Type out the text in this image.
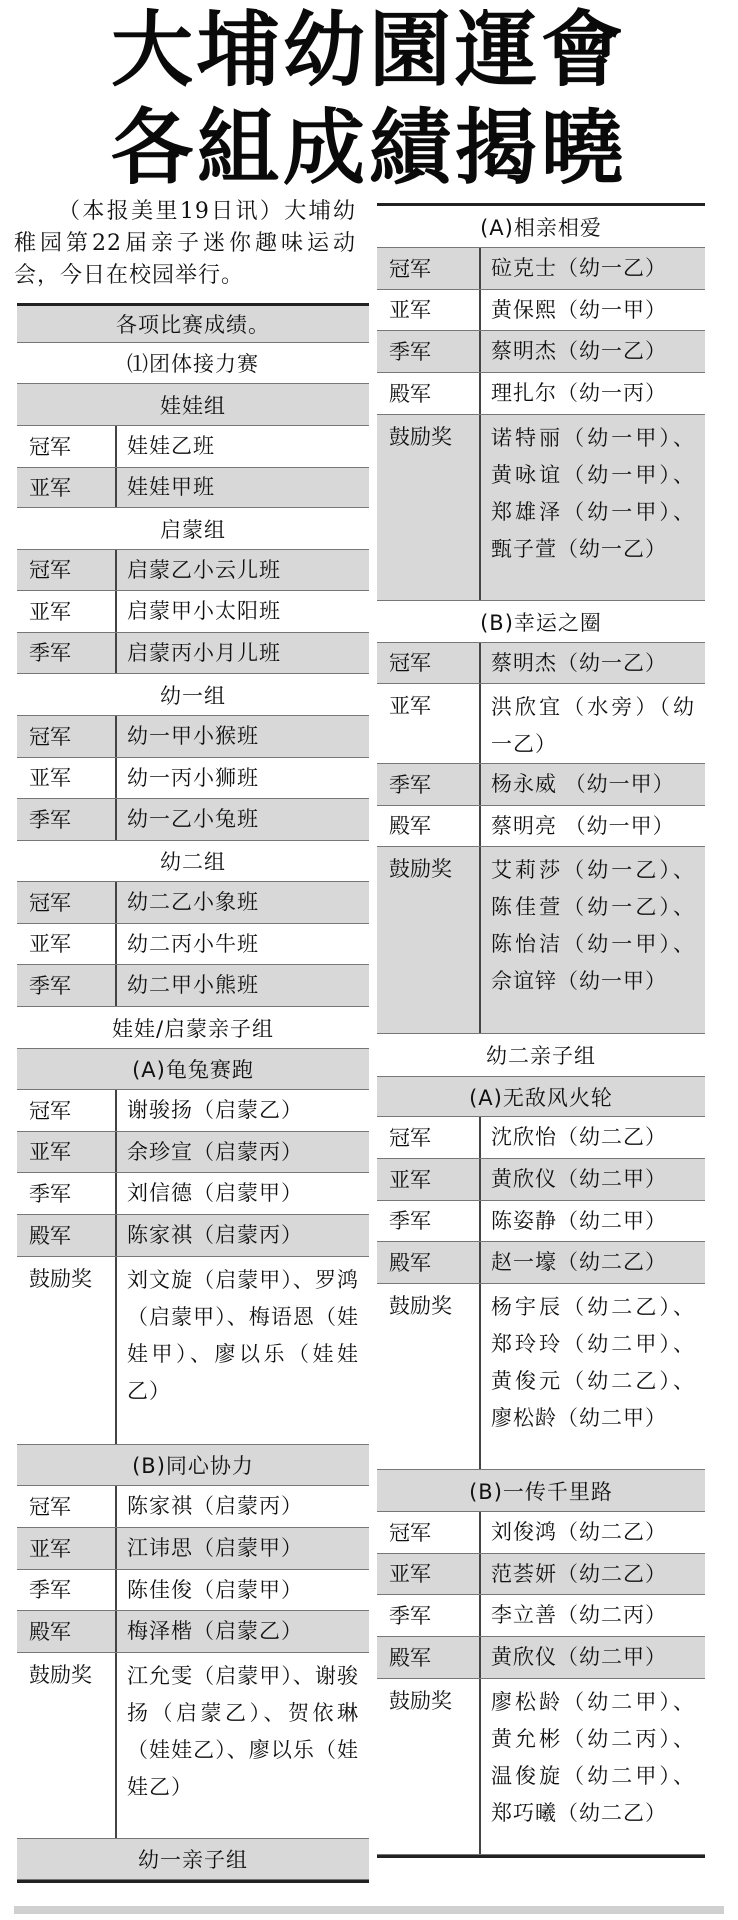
大埔幼園運會
各組成績揭曉

（本报美里19日讯）大埔幼稚园第22届亲子迷你趣味运动会，今日在校园举行。

各项比赛成绩。
⑴团体接力赛
娃娃组
冠军	娃娃乙班
亚军	娃娃甲班
启蒙组
冠军	启蒙乙小云儿班
亚军	启蒙甲小太阳班
季军	启蒙丙小月儿班
幼一组
冠军	幼一甲小猴班
亚军	幼一丙小狮班
季军	幼一乙小兔班
幼二组
冠军	幼二乙小象班
亚军	幼二丙小牛班
季军	幼二甲小熊班
娃娃/启蒙亲子组
(A)龟兔赛跑
冠军	谢骏扬（启蒙乙）
亚军	余珍宣（启蒙丙）
季军	刘信德（启蒙甲）
殿军	陈家祺（启蒙丙）
鼓励奖	刘文旋（启蒙甲）、罗鸿（启蒙甲）、梅语恩（娃娃甲）、廖以乐（娃娃乙）
(B)同心协力
冠军	陈家祺（启蒙丙）
亚军	江讳思（启蒙甲）
季军	陈佳俊（启蒙甲）
殿军	梅泽楷（启蒙乙）
鼓励奖	江允雯（启蒙甲）、谢骏扬（启蒙乙）、贺依琳（娃娃乙）、廖以乐（娃娃乙）
幼一亲子组
(A)相亲相爱
冠军	砬克士（幼一乙）
亚军	黄保熙（幼一甲）
季军	蔡明杰（幼一乙）
殿军	理扎尔（幼一丙）
鼓励奖	诺特丽（幼一甲）、黄咏谊（幼一甲）、郑雄泽（幼一甲）、甄子萱（幼一乙）
(B)幸运之圈
冠军	蔡明杰（幼一乙）
亚军	洪欣宜（水旁）（幼一乙）
季军	杨永威 （幼一甲）
殿军	蔡明亮 （幼一甲）
鼓励奖	艾莉莎（幼一乙）、陈佳萱（幼一乙）、陈怡洁（幼一甲）、佘谊锌（幼一甲）
幼二亲子组
(A)无敌风火轮
冠军	沈欣怡（幼二乙）
亚军	黄欣仪（幼二甲）
季军	陈姿静（幼二甲）
殿军	赵一壕（幼二乙）
鼓励奖	杨宇辰（幼二乙）、郑玲玲（幼二甲）、黄俊元（幼二乙）、廖松龄（幼二甲）
(B)一传千里路
冠军	刘俊鸿（幼二乙）
亚军	范荟妍（幼二乙）
季军	李立善（幼二丙）
殿军	黄欣仪（幼二甲）
鼓励奖	廖松龄（幼二甲）、黄允彬（幼二丙）、温俊旋（幼二甲）、郑巧曦（幼二乙）
